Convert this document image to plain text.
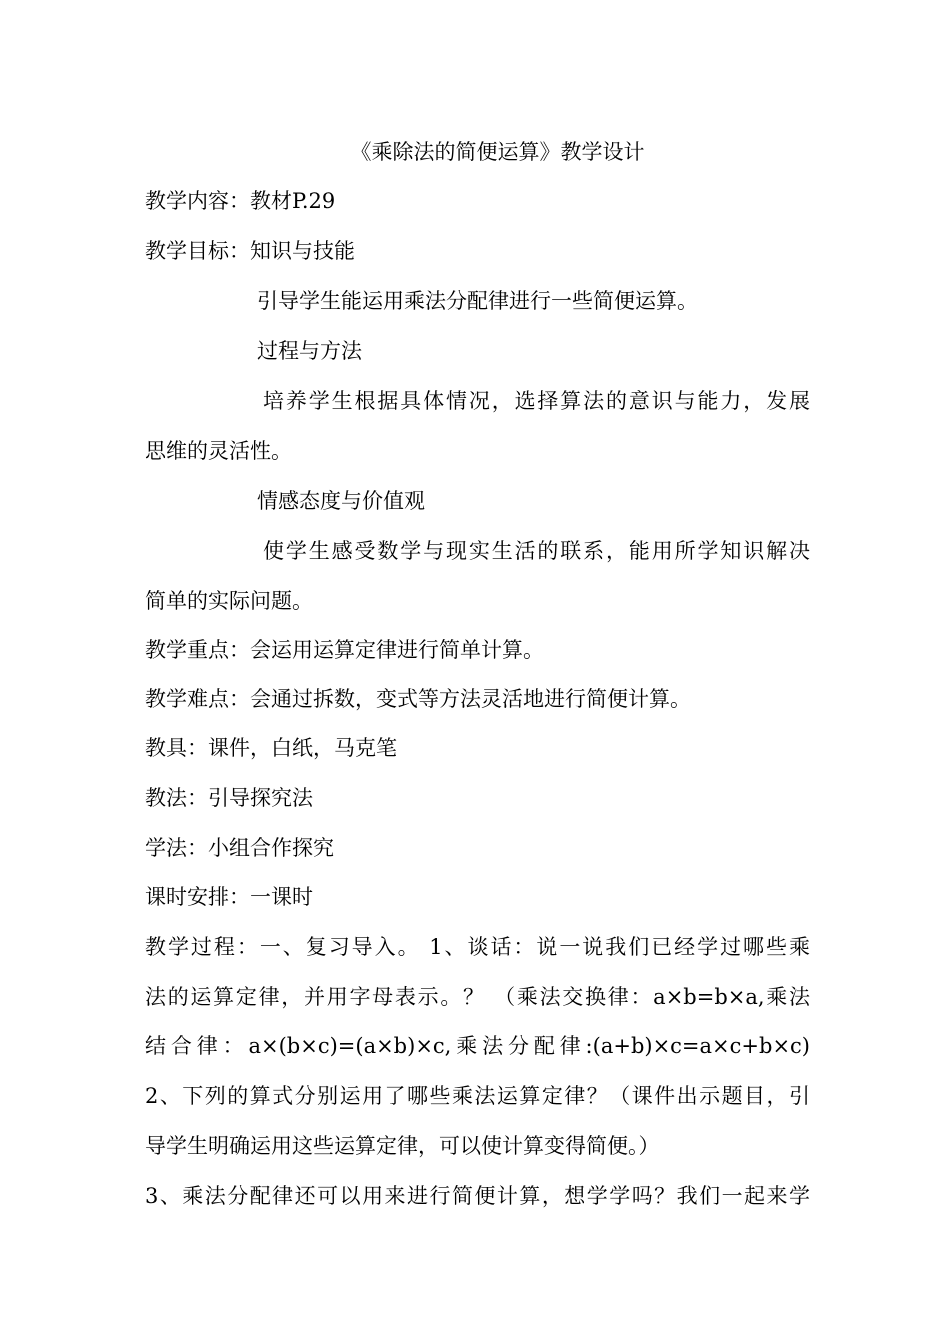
《乘除法的简便运算》教学设计
教学内容：教材P.29
教学目标：知识与技能
引导学生能运用乘法分配律进行一些简便运算。
过程与方法
培养学生根据具体情况，选择算法的意识与能力，发展
思维的灵活性。
情感态度与价值观
使学生感受数学与现实生活的联系，能用所学知识解决
简单的实际问题。
教学重点：会运用运算定律进行简单计算。
教学难点：会通过拆数，变式等方法灵活地进行简便计算。
教具：课件，白纸，马克笔
教法：引导探究法
学法：小组合作探究
课时安排：一课时
教学过程：一、复习导入。 1、谈话：说一说我们已经学过哪些乘
法的运算定律，并用字母表示。？ （乘法交换律：a×b=b×a,乘法
结合律：a×(b×c)=(a×b)×c,乘法分配律:(a+b)×c=a×c+b×c)
2、下列的算式分别运用了哪些乘法运算定律？（课件出示题目，引
导学生明确运用这些运算定律，可以使计算变得简便。）
3、乘法分配律还可以用来进行简便计算，想学学吗？我们一起来学
